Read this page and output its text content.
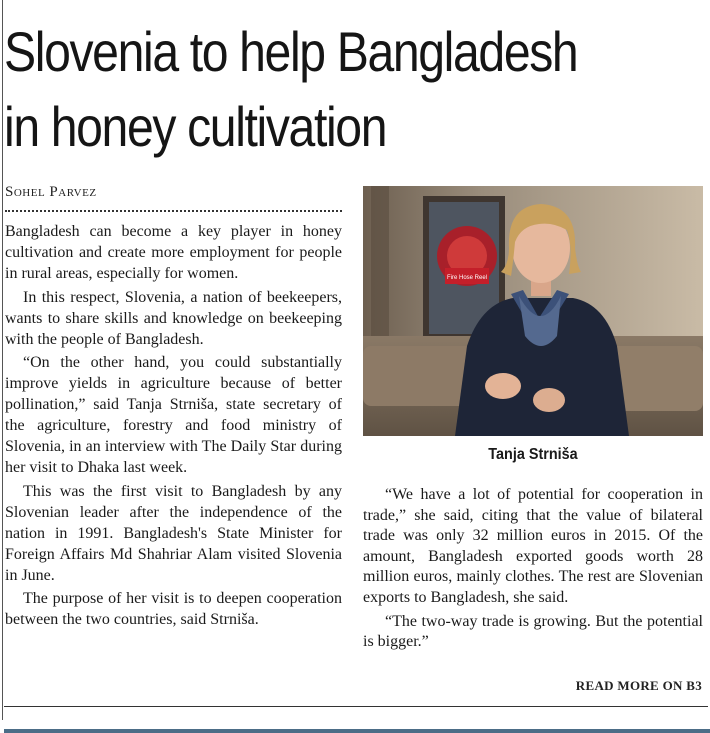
Slovenia to help Bangladesh
in honey cultivation
Sohel Parvez

Bangladesh can become a key player in honey cultivation and create more employment for people in rural areas, especially for women.

In this respect, Slovenia, a nation of beekeepers, wants to share skills and knowledge on beekeeping with the people of Bangladesh.

“On the other hand, you could substantially improve yields in agriculture because of better pollination,” said Tanja Strniša, state secretary of the agriculture, forestry and food ministry of Slovenia, in an interview with The Daily Star during her visit to Dhaka last week.

This was the first visit to Bangladesh by any Slovenian leader after the independence of the nation in 1991. Bangladesh's State Minister for Foreign Affairs Md Shahriar Alam visited Slovenia in June.

The purpose of her visit is to deepen cooperation between the two countries, said Strniša.

Fire Hose Reel
Tanja Strniša

“We have a lot of potential for cooperation in trade,” she said, citing that the value of bilateral trade was only 32 million euros in 2015. Of the amount, Bangladesh exported goods worth 28 million euros, mainly clothes. The rest are Slovenian exports to Bangladesh, she said.

“The two-way trade is growing. But the potential is bigger.”

READ MORE ON B3
